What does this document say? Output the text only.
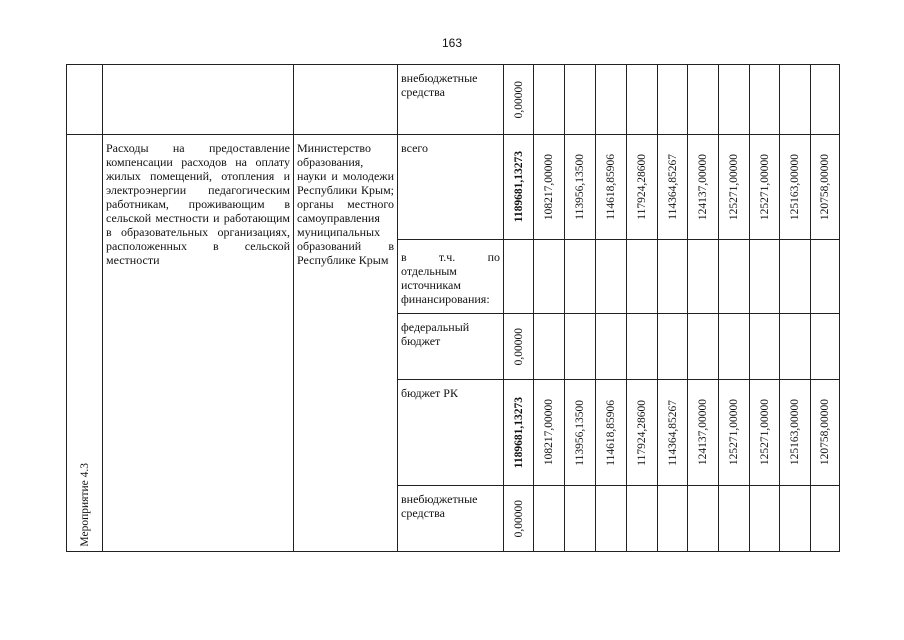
163

			внебюджетные средства	0,00000										

Мероприятие 4.3	Расходы на предоставление компенсации расходов на оплату жилых помещений, отопления и электроэнергии педагогическим работникам, проживающим в сельской местности и работающим в образовательных организациях, расположенных в сельской местности	Министерство образования, науки и молодежи Республики Крым; органы местного самоуправления муниципальных образований в Республике Крым	всего	1189681,13273	108217,00000	113956,13500	114618,85906	117924,28600	114364,85267	124137,00000	125271,00000	125271,00000	125163,00000	120758,00000

			в т.ч. по отдельным источникам финансирования:											

			федеральный бюджет	0,00000										

			бюджет РК	1189681,13273	108217,00000	113956,13500	114618,85906	117924,28600	114364,85267	124137,00000	125271,00000	125271,00000	125163,00000	120758,00000

			внебюджетные средства	0,00000										
